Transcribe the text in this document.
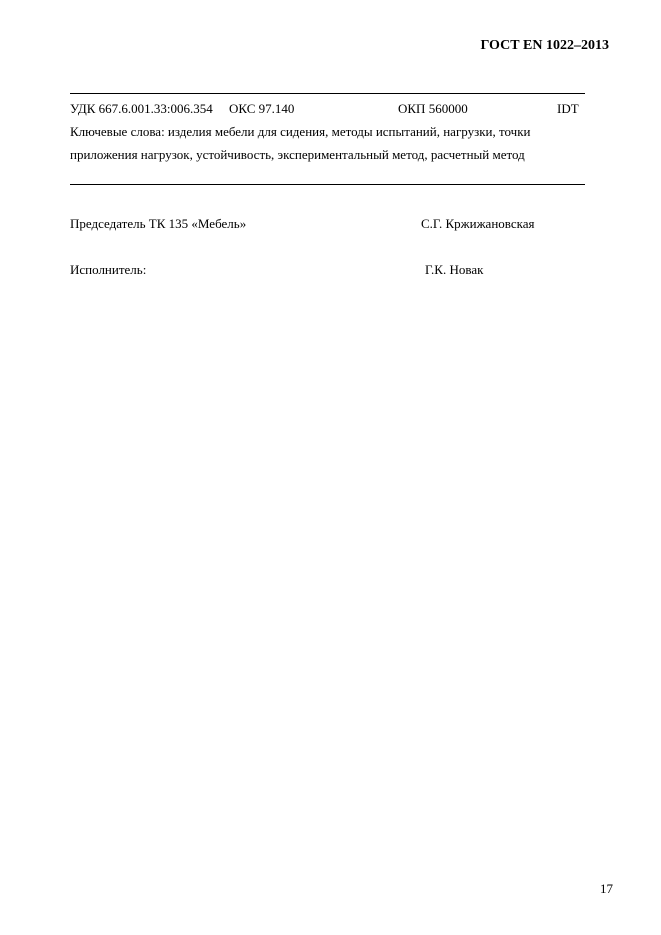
ГОСТ EN 1022–2013
УДК 667.6.001.33:006.354 ОКС 97.140	ОКП 560000	IDT
Ключевые слова: изделия мебели для сидения, методы испытаний, нагрузки, точки
приложения нагрузок, устойчивость, экспериментальный метод, расчетный метод
Председатель ТК 135 «Мебель»	С.Г. Кржижановская
Исполнитель:	Г.К. Новак
17
